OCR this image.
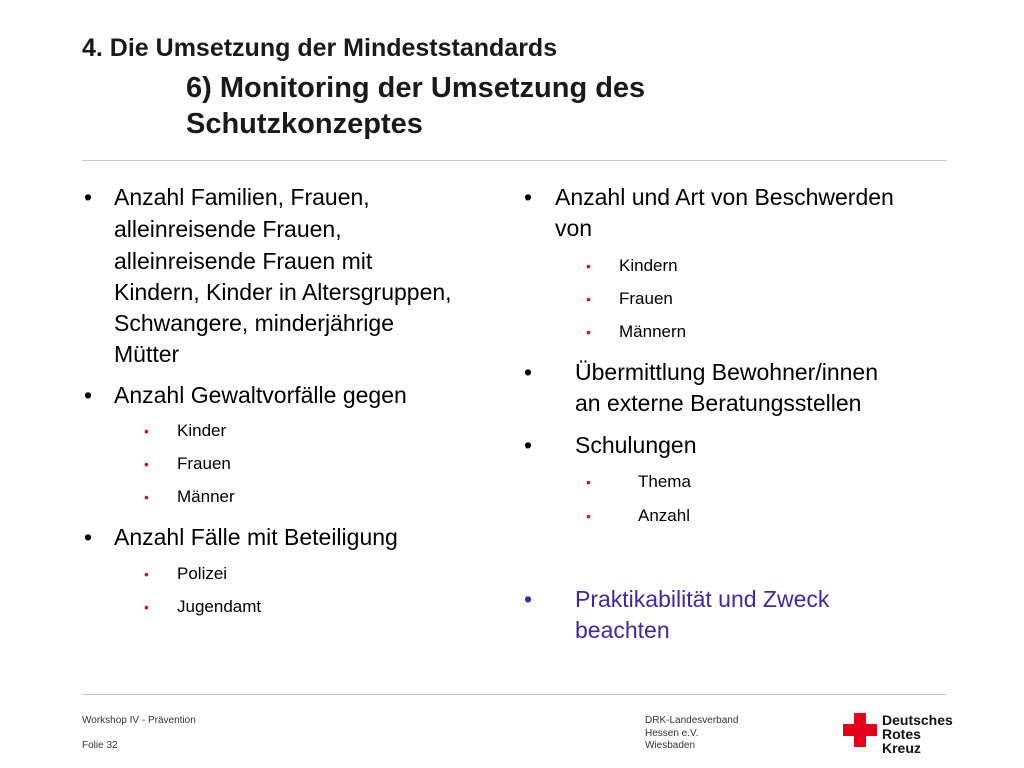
4. Die Umsetzung der Mindeststandards
6) Monitoring der Umsetzung des
Schutzkonzeptes
• Anzahl Familien, Frauen,
alleinreisende Frauen,
alleinreisende Frauen mit
Kindern, Kinder in Altersgruppen,
Schwangere, minderjährige
Mütter
• Anzahl Gewaltvorfälle gegen
• Kinder
• Frauen
• Männer
• Anzahl Fälle mit Beteiligung
• Polizei
• Jugendamt
• Anzahl und Art von Beschwerden
von
• Kindern
• Frauen
• Männern
• Übermittlung Bewohner/innen
an externe Beratungsstellen
• Schulungen
•	Thema
•	Anzahl
• Praktikabilität und Zweck
beachten
Workshop IV - Prävention
Folie 32
DRK-Landesverband
Hessen e.V.
Wiesbaden
Deutsches
Rotes
Kreuz
